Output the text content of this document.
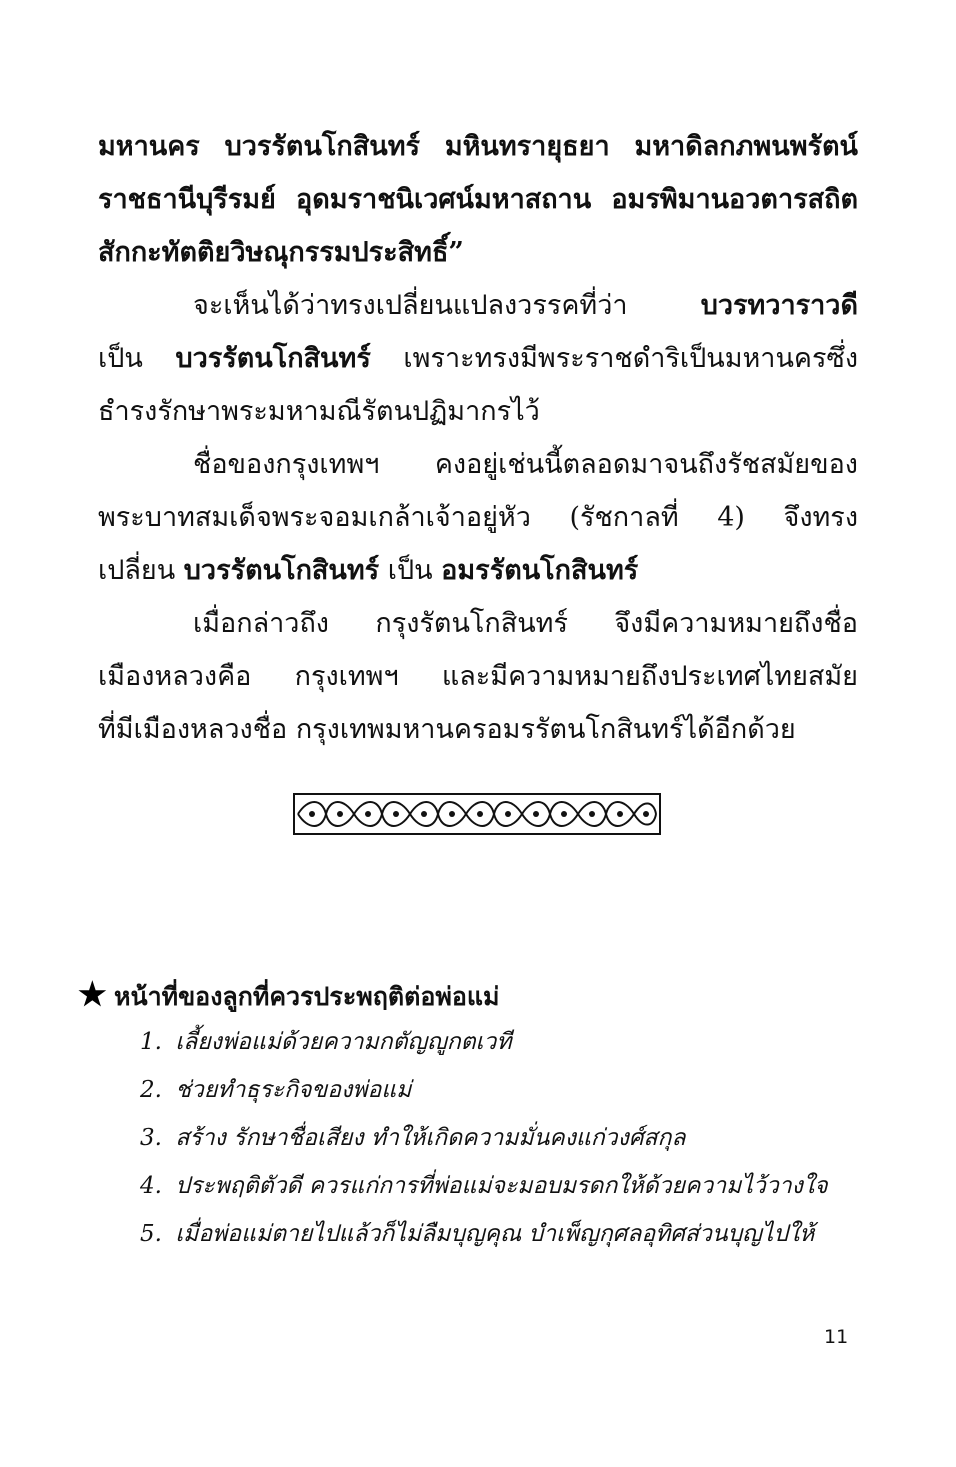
มหานคร บวรรัตนโกสินทร์ มหินทรายุธยา มหาดิลกภพนพรัตน์
ราชธานีบุรีรมย์ อุดมราชนิเวศน์มหาสถาน อมรพิมานอวตารสถิต
สักกะทัตติยวิษณุกรรมประสิทธิ์”
จะเห็นได้ว่าทรงเปลี่ยนแปลงวรรคที่ว่า	บวรทวาราวดี
เป็น บวรรัตนโกสินทร์ เพราะทรงมีพระราชดำริเป็นมหานครซึ่ง
ธำรงรักษาพระมหามณีรัตนปฏิมากรไว้
ชื่อของกรุงเทพฯ คงอยู่เช่นนี้ตลอดมาจนถึงรัชสมัยของ
พระบาทสมเด็จพระจอมเกล้าเจ้าอยู่หัว (รัชกาลที่ 4) จึงทรง
เปลี่ยน บวรรัตนโกสินทร์ เป็น อมรรัตนโกสินทร์
เมื่อกล่าวถึง กรุงรัตนโกสินทร์ จึงมีความหมายถึงชื่อ
เมืองหลวงคือ กรุงเทพฯ และมีความหมายถึงประเทศไทยสมัย
ที่มีเมืองหลวงชื่อ กรุงเทพมหานครอมรรัตนโกสินทร์ได้อีกด้วย
★ หน้าที่ของลูกที่ควรประพฤติต่อพ่อแม่
1. เลี้ยงพ่อแม่ด้วยความกตัญญูกตเวที
2. ช่วยทำธุระกิจของพ่อแม่
3. สร้าง รักษาชื่อเสียง ทำให้เกิดความมั่นคงแก่วงศ์สกุล
4. ประพฤติตัวดี ควรแก่การที่พ่อแม่จะมอบมรดกให้ด้วยความไว้วางใจ
5. เมื่อพ่อแม่ตายไปแล้วก็ไม่ลืมบุญคุณ บำเพ็ญกุศลอุทิศส่วนบุญไปให้
11
